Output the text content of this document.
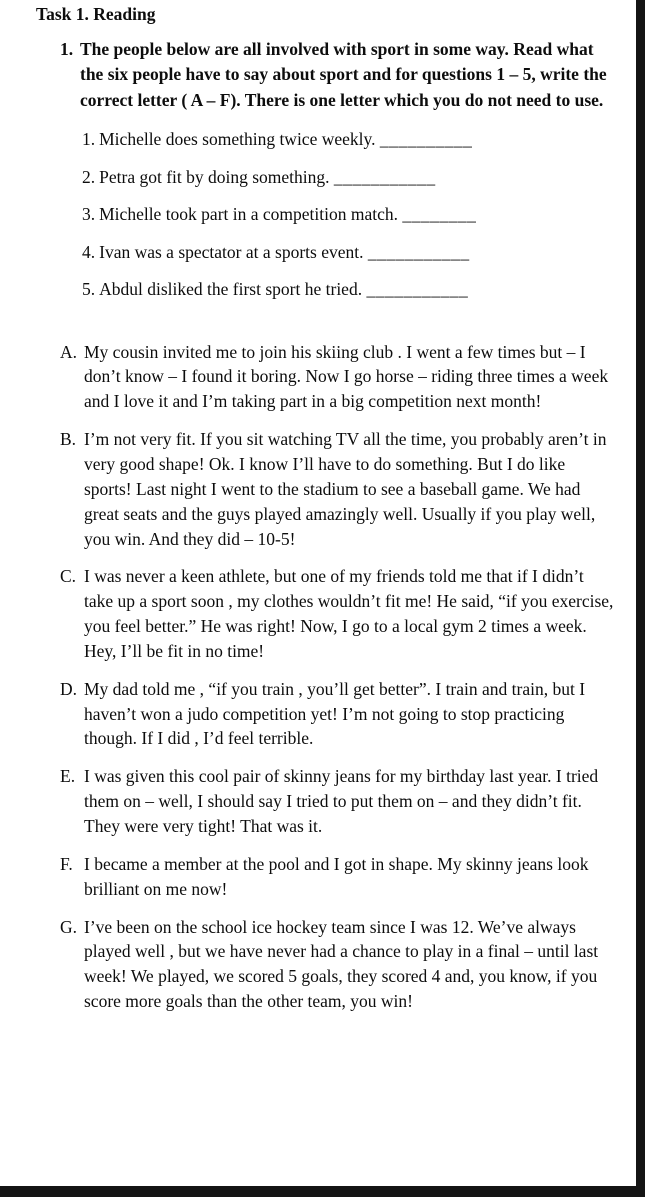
Task 1. Reading
1. The people below are all involved with sport in some way. Read what the six people have to say about sport and for questions 1 – 5, write the correct letter ( A – F). There is one letter which you do not need to use.
1. Michelle does something twice weekly. __________
2. Petra got fit by doing something. ___________
3. Michelle took part in a competition match. ________
4. Ivan was a spectator at a sports event. ___________
5. Abdul disliked the first sport he tried. ___________
A. My cousin invited me to join his skiing club . I went a few times but – I don’t know – I found it boring. Now I go horse – riding three times a week and I love it and I’m taking part in a big competition next month!
B. I’m not very fit. If you sit watching TV all the time, you probably aren’t in very good shape! Ok. I know I’ll have to do something. But I do like sports! Last night I went to the stadium to see a baseball game. We had great seats and the guys played amazingly well. Usually if you play well, you win. And they did – 10-5!
C. I was never a keen athlete, but one of my friends told me that if I didn’t take up a sport soon , my clothes wouldn’t fit me! He said, “if you exercise, you feel better.” He was right! Now, I go to a local gym 2 times a week. Hey, I’ll be fit in no time!
D. My dad told me , “if you train , you’ll get better”. I train and train, but I haven’t won a judo competition yet! I’m not going to stop practicing though. If I did , I’d feel terrible.
E. I was given this cool pair of skinny jeans for my birthday last year. I tried them on – well, I should say I tried to put them on – and they didn’t fit. They were very tight! That was it.
F. I became a member at the pool and I got in shape. My skinny jeans look brilliant on me now!
G. I’ve been on the school ice hockey team since I was 12. We’ve always played well , but we have never had a chance to play in a final – until last week! We played, we scored 5 goals, they scored 4 and, you know, if you score more goals than the other team, you win!
